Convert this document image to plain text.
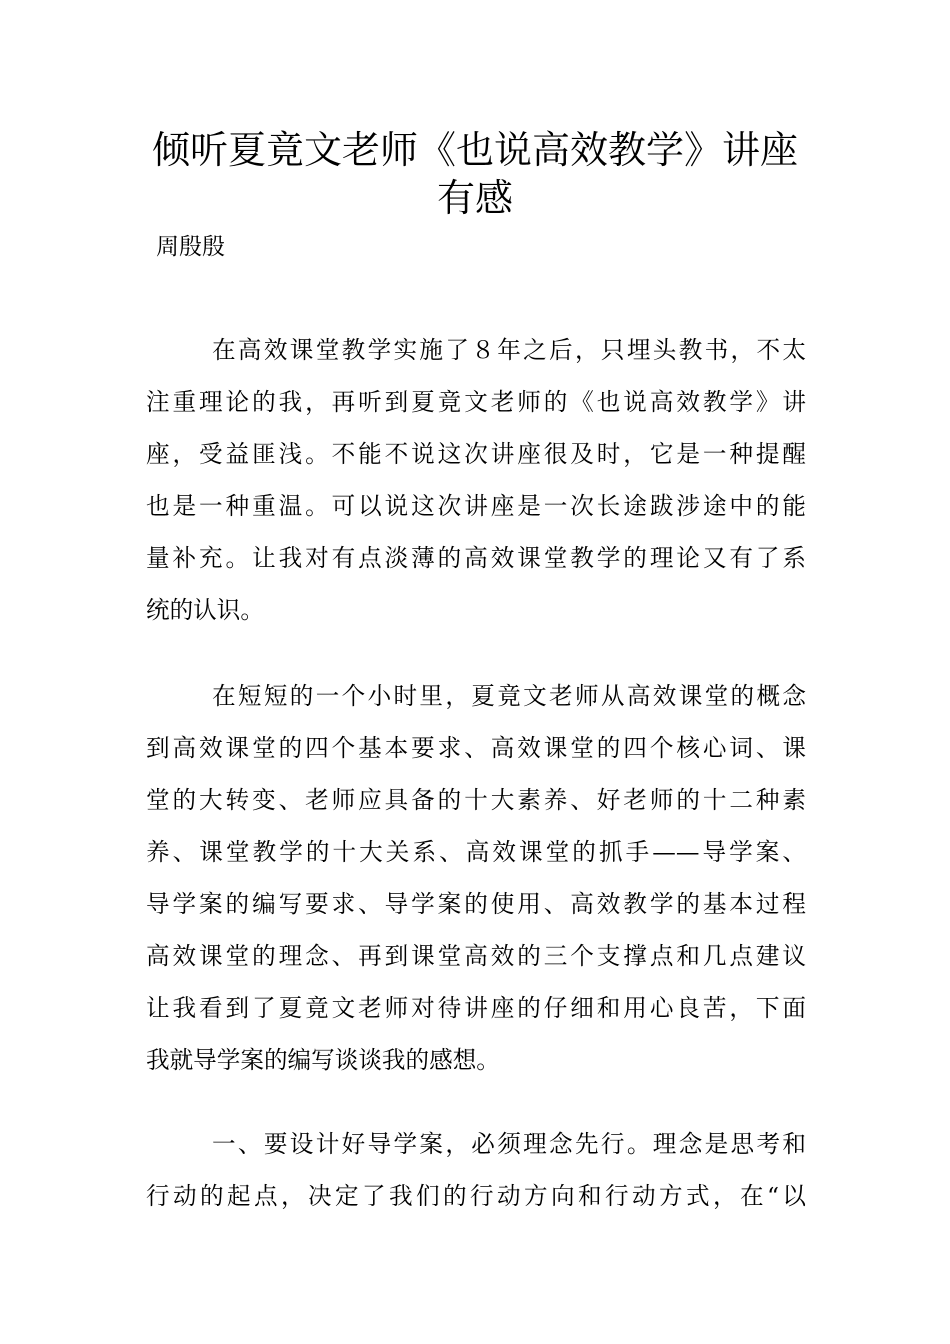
倾听夏竟文老师《也说高效教学》讲座
有感
周殷殷
在高效课堂教学实施了８年之后，只埋头教书，不太
注重理论的我，再听到夏竟文老师的《也说高效教学》讲
座，受益匪浅。不能不说这次讲座很及时，它是一种提醒
也是一种重温。可以说这次讲座是一次长途跋涉途中的能
量补充。让我对有点淡薄的高效课堂教学的理论又有了系
统的认识。
在短短的一个小时里，夏竟文老师从高效课堂的概念
到高效课堂的四个基本要求、高效课堂的四个核心词、课
堂的大转变、老师应具备的十大素养、好老师的十二种素
养、课堂教学的十大关系、高效课堂的抓手——导学案、
导学案的编写要求、导学案的使用、高效教学的基本过程
高效课堂的理念、再到课堂高效的三个支撑点和几点建议
让我看到了夏竟文老师对待讲座的仔细和用心良苦，下面
我就导学案的编写谈谈我的感想。
一、要设计好导学案，必须理念先行。理念是思考和
行动的起点，决定了我们的行动方向和行动方式，在“以
